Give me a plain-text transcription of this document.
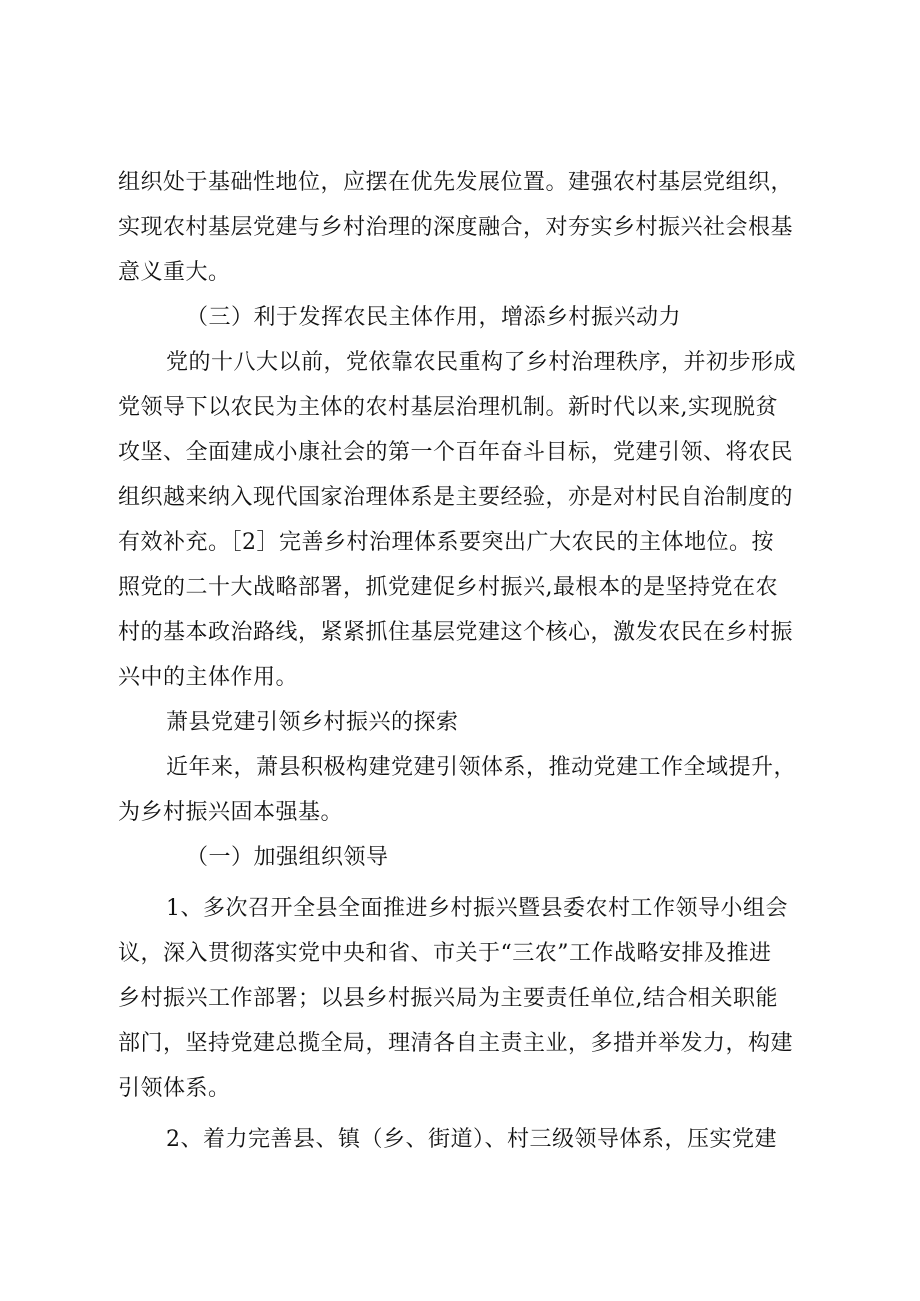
组织处于基础性地位，应摆在优先发展位置。建强农村基层党组织，
实现农村基层党建与乡村治理的深度融合，对夯实乡村振兴社会根基
意义重大。

（三）利于发挥农民主体作用，增添乡村振兴动力

党的十八大以前，党依靠农民重构了乡村治理秩序，并初步形成
党领导下以农民为主体的农村基层治理机制。新时代以来,实现脱贫
攻坚、全面建成小康社会的第一个百年奋斗目标，党建引领、将农民
组织越来纳入现代国家治理体系是主要经验，亦是对村民自治制度的
有效补充。［2］完善乡村治理体系要突出广大农民的主体地位。按
照党的二十大战略部署，抓党建促乡村振兴,最根本的是坚持党在农
村的基本政治路线，紧紧抓住基层党建这个核心，激发农民在乡村振
兴中的主体作用。

萧县党建引领乡村振兴的探索

近年来，萧县积极构建党建引领体系，推动党建工作全域提升，
为乡村振兴固本强基。

（一）加强组织领导

1、多次召开全县全面推进乡村振兴暨县委农村工作领导小组会
议，深入贯彻落实党中央和省、市关于“三农”工作战略安排及推进
乡村振兴工作部署；以县乡村振兴局为主要责任单位,结合相关职能
部门，坚持党建总揽全局，理清各自主责主业，多措并举发力，构建
引领体系。

2、着力完善县、镇（乡、街道）、村三级领导体系，压实党建
